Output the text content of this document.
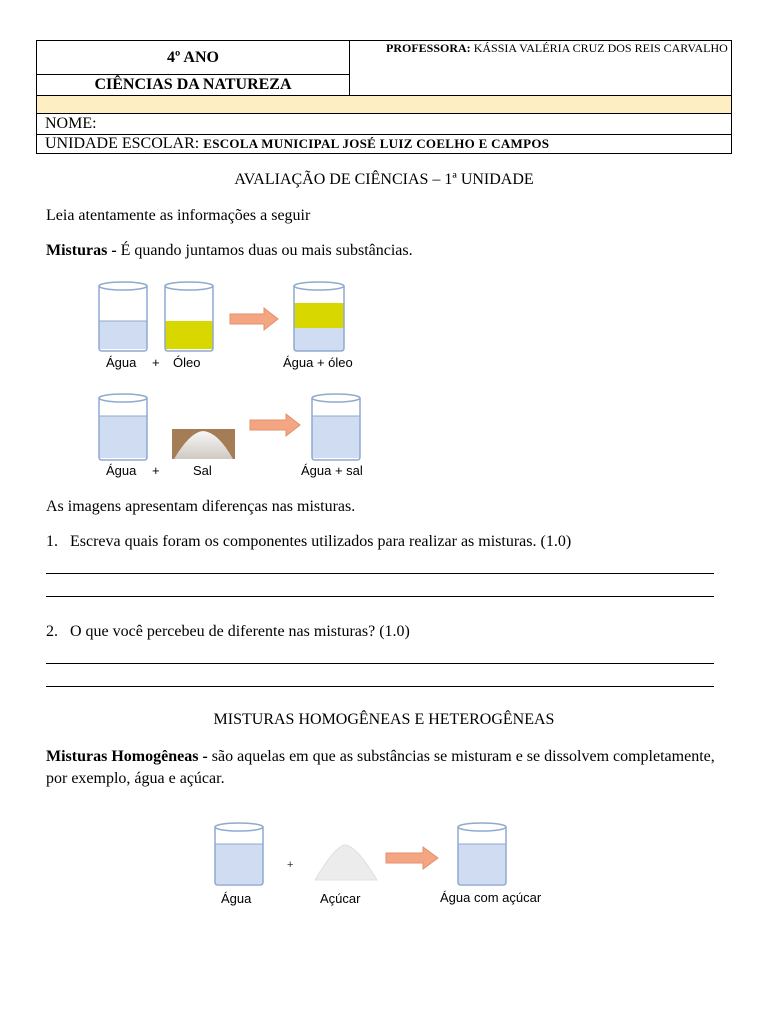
4º ANO
CIÊNCIAS DA NATUREZA
PROFESSORA: KÁSSIA VALÉRIA CRUZ DOS REIS CARVALHO
NOME:
UNIDADE ESCOLAR: ESCOLA MUNICIPAL JOSÉ LUIZ COELHO E CAMPOS
AVALIAÇÃO DE CIÊNCIAS – 1ª UNIDADE
Leia atentamente as informações a seguir
Misturas - É quando juntamos duas ou mais substâncias.
Água + Óleo	Água + óleo
Água +	Sal	Água + sal
As imagens apresentam diferenças nas misturas.
1. Escreva quais foram os componentes utilizados para realizar as misturas. (1.0)
2. O que você percebeu de diferente nas misturas? (1.0)
MISTURAS HOMOGÊNEAS E HETEROGÊNEAS
Misturas Homogêneas - são aquelas em que as substâncias se misturam e se dissolvem completamente, por exemplo, água e açúcar.
+
Água	Açúcar	Água com açúcar
